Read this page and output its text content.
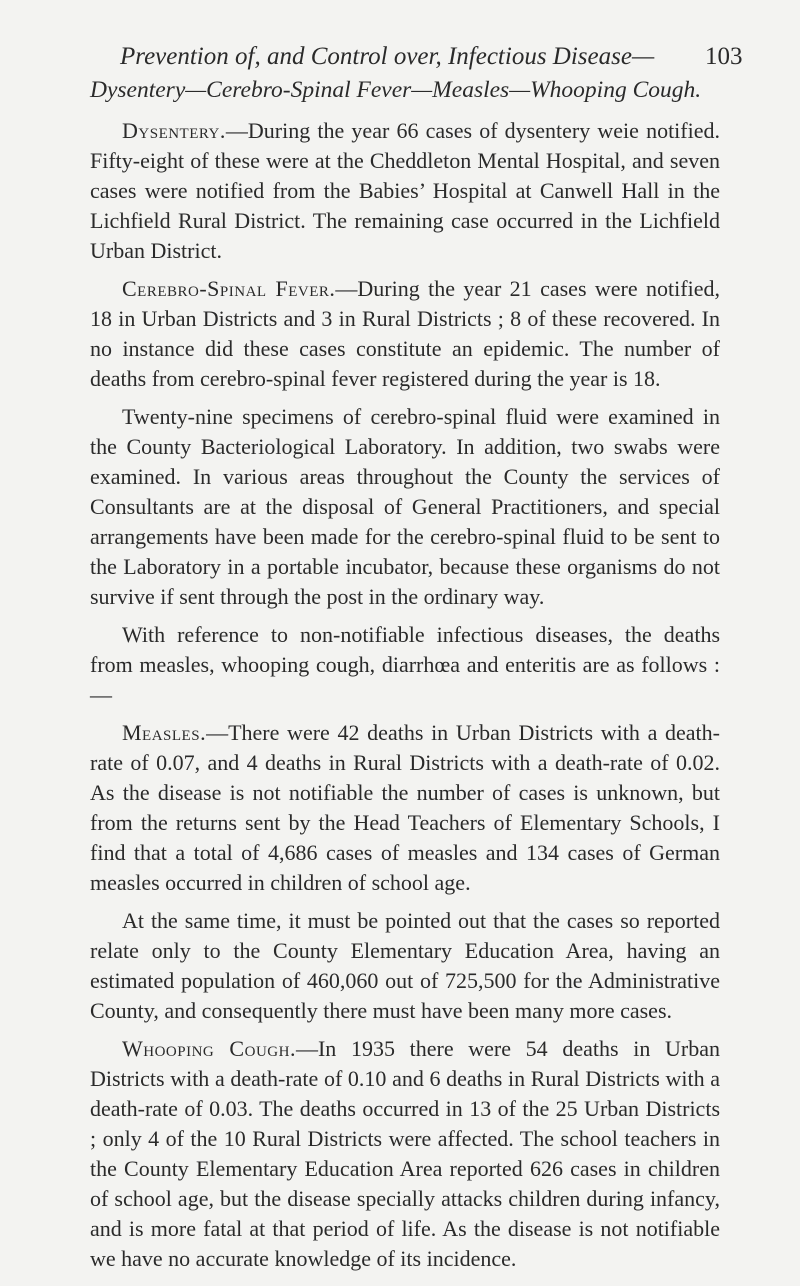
Prevention of, and Control over, Infectious Disease— 103
Dysentery—Cerebro-Spinal Fever—Measles—Whooping Cough.

Dysentery.—During the year 66 cases of dysentery weie notified. Fifty-eight of these were at the Cheddleton Mental Hospital, and seven cases were notified from the Babies’ Hospital at Canwell Hall in the Lichfield Rural District. The remaining case occurred in the Lichfield Urban District.

Cerebro-Spinal Fever.—During the year 21 cases were notified, 18 in Urban Districts and 3 in Rural Districts ; 8 of these recovered. In no instance did these cases constitute an epidemic. The number of deaths from cerebro-spinal fever registered during the year is 18.

Twenty-nine specimens of cerebro-spinal fluid were examined in the County Bacteriological Laboratory. In addition, two swabs were examined. In various areas throughout the County the services of Consultants are at the disposal of General Practitioners, and special arrangements have been made for the cerebro-spinal fluid to be sent to the Laboratory in a portable incubator, because these organisms do not survive if sent through the post in the ordinary way.

With reference to non-notifiable infectious diseases, the deaths from measles, whooping cough, diarrhœa and enteritis are as follows :—

Measles.—There were 42 deaths in Urban Districts with a death-rate of 0.07, and 4 deaths in Rural Districts with a death-rate of 0.02. As the disease is not notifiable the number of cases is unknown, but from the returns sent by the Head Teachers of Elementary Schools, I find that a total of 4,686 cases of measles and 134 cases of German measles occurred in children of school age.

At the same time, it must be pointed out that the cases so reported relate only to the County Elementary Education Area, having an estimated population of 460,060 out of 725,500 for the Administrative County, and consequently there must have been many more cases.

Whooping Cough.—In 1935 there were 54 deaths in Urban Districts with a death-rate of 0.10 and 6 deaths in Rural Districts with a death-rate of 0.03. The deaths occurred in 13 of the 25 Urban Districts ; only 4 of the 10 Rural Districts were affected. The school teachers in the County Elementary Education Area reported 626 cases in children of school age, but the disease specially attacks children during infancy, and is more fatal at that period of life. As the disease is not notifiable we have no accurate knowledge of its incidence.
